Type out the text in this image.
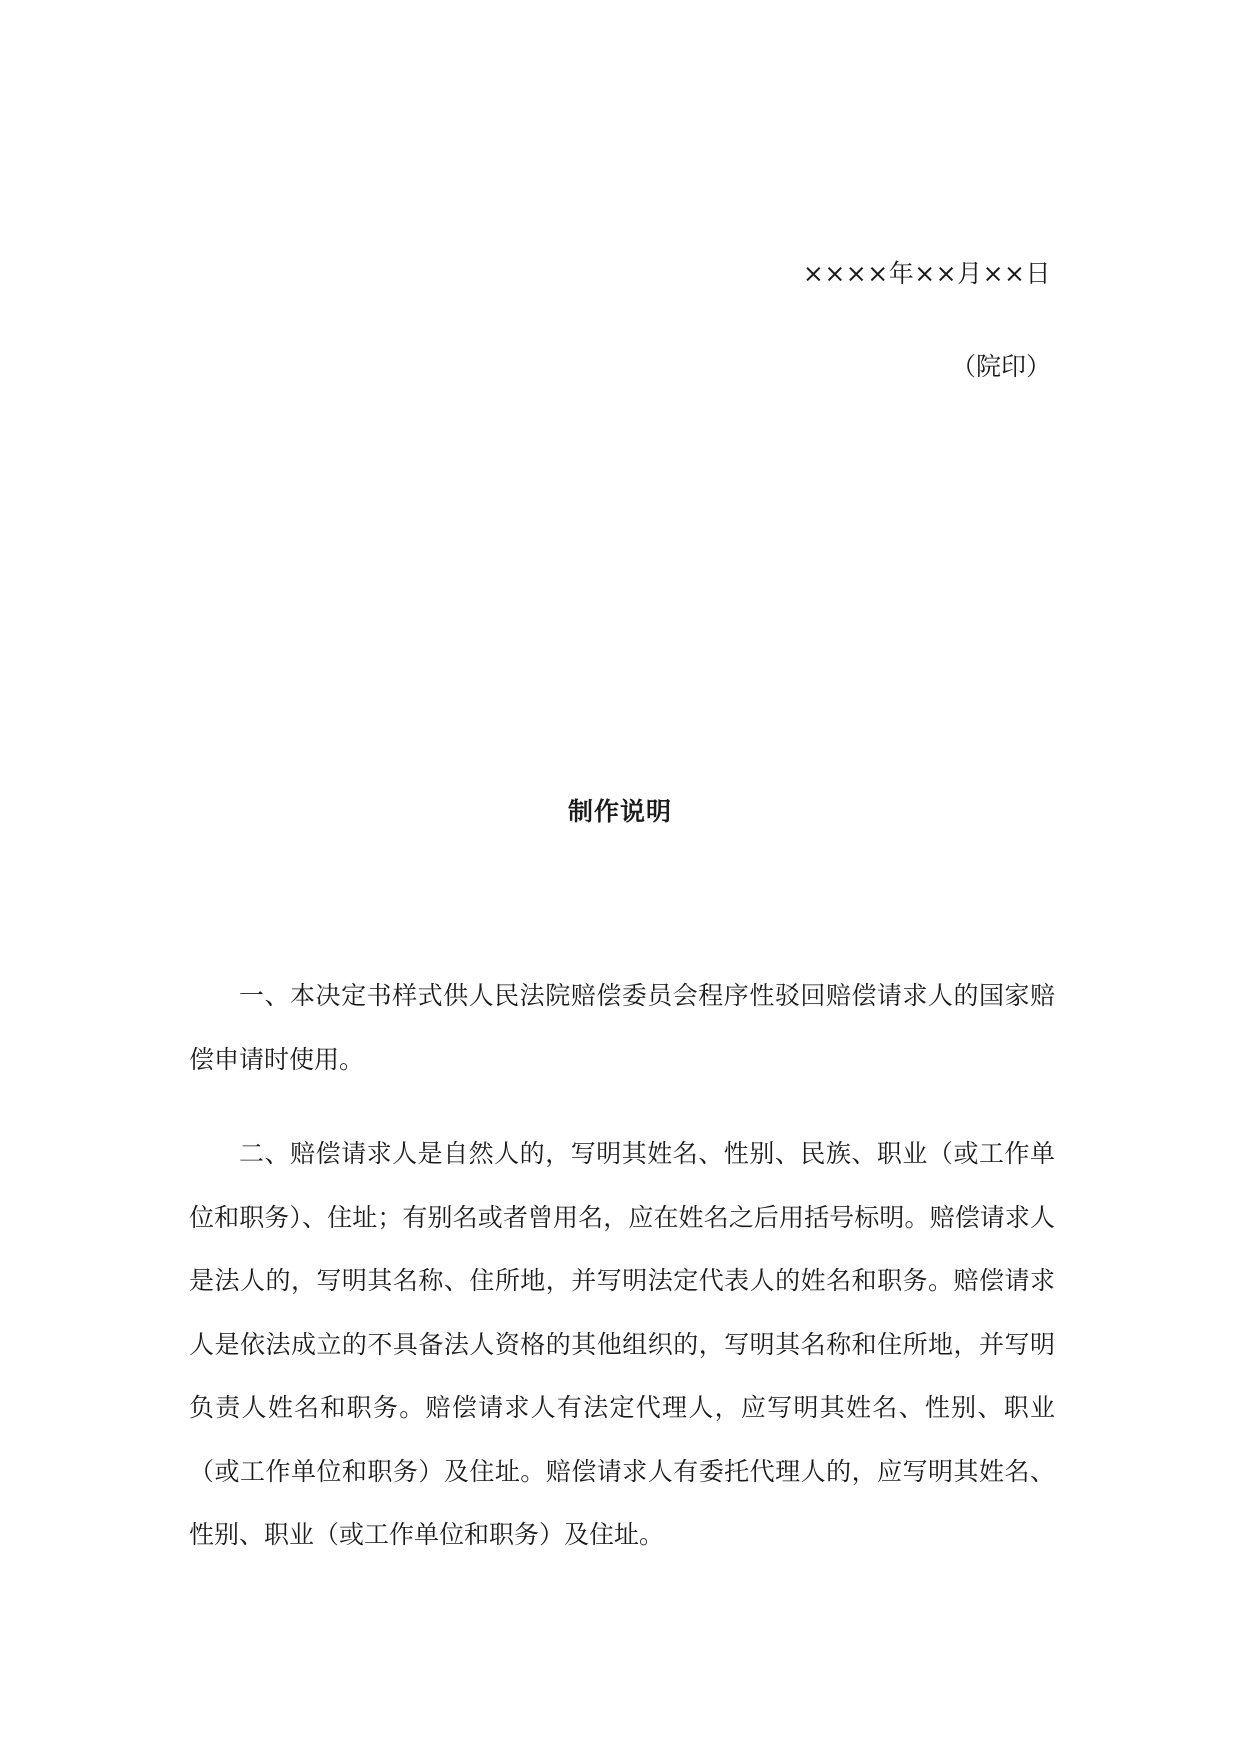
××××年××月××日
（院印）
制作说明

一、本决定书样式供人民法院赔偿委员会程序性驳回赔偿请求人的国家赔偿申请时使用。

二、赔偿请求人是自然人的，写明其姓名、性别、民族、职业（或工作单位和职务）、住址；有别名或者曾用名，应在姓名之后用括号标明。赔偿请求人是法人的，写明其名称、住所地，并写明法定代表人的姓名和职务。赔偿请求人是依法成立的不具备法人资格的其他组织的，写明其名称和住所地，并写明负责人姓名和职务。赔偿请求人有法定代理人，应写明其姓名、性别、职业（或工作单位和职务）及住址。赔偿请求人有委托代理人的，应写明其姓名、性别、职业（或工作单位和职务）及住址。
